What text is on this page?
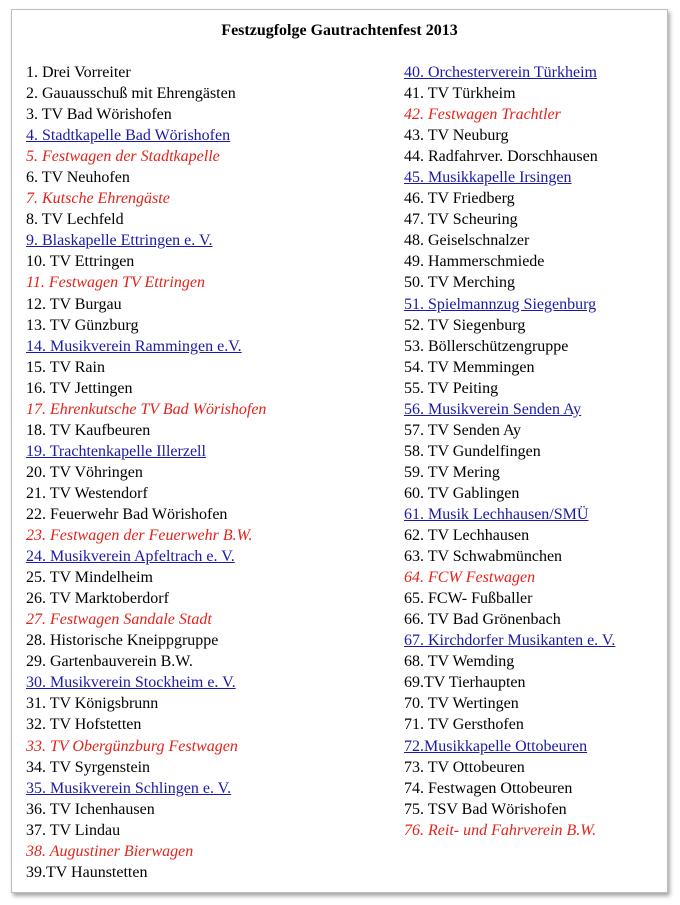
Festzugfolge Gautrachtenfest 2013
1. Drei Vorreiter
2. Gauausschuß mit Ehrengästen
3. TV Bad Wörishofen
4. Stadtkapelle Bad Wörishofen
5. Festwagen der Stadtkapelle
6. TV Neuhofen
7. Kutsche Ehrengäste
8. TV Lechfeld
9. Blaskapelle Ettringen e. V.
10. TV Ettringen
11. Festwagen TV Ettringen
12. TV Burgau
13. TV Günzburg
14. Musikverein Rammingen e.V.
15. TV Rain
16. TV Jettingen
17. Ehrenkutsche TV Bad Wörishofen
18. TV Kaufbeuren
19. Trachtenkapelle Illerzell
20. TV Vöhringen
21. TV Westendorf
22. Feuerwehr Bad Wörishofen
23. Festwagen der Feuerwehr B.W.
24. Musikverein Apfeltrach e. V.
25. TV Mindelheim
26. TV Marktoberdorf
27. Festwagen Sandale Stadt
28. Historische Kneippgruppe
29. Gartenbauverein B.W.
30. Musikverein Stockheim e. V.
31. TV Königsbrunn
32. TV Hofstetten
33. TV Obergünzburg Festwagen
34. TV Syrgenstein
35. Musikverein Schlingen e. V.
36. TV Ichenhausen
37. TV Lindau
38. Augustiner Bierwagen
39.TV Haunstetten
40. Orchesterverein Türkheim
41. TV Türkheim
42. Festwagen Trachtler
43. TV Neuburg
44. Radfahrver. Dorschhausen
45. Musikkapelle Irsingen
46. TV Friedberg
47. TV Scheuring
48. Geiselschnalzer
49. Hammerschmiede
50. TV Merching
51. Spielmannzug Siegenburg
52. TV Siegenburg
53. Böllerschützengruppe
54. TV Memmingen
55. TV Peiting
56. Musikverein Senden Ay
57. TV Senden Ay
58. TV Gundelfingen
59. TV Mering
60. TV Gablingen
61. Musik Lechhausen/SMÜ
62. TV Lechhausen
63. TV Schwabmünchen
64. FCW Festwagen
65. FCW- Fußballer
66. TV Bad Grönenbach
67. Kirchdorfer Musikanten e. V.
68. TV Wemding
69.TV Tierhaupten
70. TV Wertingen
71. TV Gersthofen
72.Musikkapelle Ottobeuren
73. TV Ottobeuren
74. Festwagen Ottobeuren
75. TSV Bad Wörishofen
76. Reit- und Fahrverein B.W.
